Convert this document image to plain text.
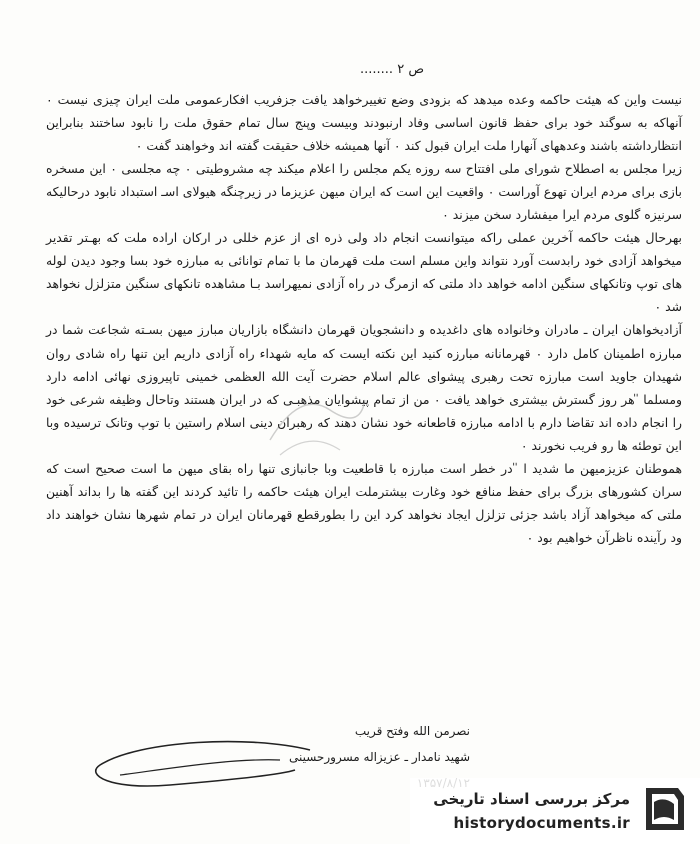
ص ۲ ........

نیست واین که هیئت حاکمه وعده میدهد که بزودی وضع تغییرخواهد یافت جزفریب افکارعمومی ملت ایران چیزی نیست ۰ آنهاکه به سوگند خود برای حفظ قانون اساسی وفاد ارنبودند وبیست وپنج سال تمام حقوق ملت را نابود ساختند بنابراین انتظارداشته باشند وعدههای آنهارا ملت ایران قبول کند ۰ آنها همیشه خلاف حقیقت گفته اند وخواهند گفت ۰

زیرا مجلس به اصطلاح شورای ملی افتتاح سه روزه یکم مجلس را اعلام میکند چه مشروطیتی ۰ چه مجلسی ۰ این مسخره بازی برای مردم ایران تهوع آوراست ۰ واقعیت این است که ایران میهن عزیزما در زیرچنگه هیولای اسـ استبداد نابود درحالیکه سرنیزه گلوی مردم ایرا میفشارد سخن میزند ۰

بهرحال هیئت حاکمه آخرین عملی راکه میتوانست انجام داد ولی ذره ای از عزم خللی در ارکان اراده ملت که بهـتر تقدیر میخواهد آزادی خود رابدست آورد نتواند واین مسلم است ملت قهرمان ما با تمام توانائی به مبارزه خود بسا وجود دیدن لوله های توپ وتانکهای سنگین ادامه خواهد داد ملتی که ازمرگ در راه آزادی نمیهراسد بـا مشاهده تانکهای سنگین متزلزل نخواهد شد ۰

آزادیخواهان ایران ـ مادران وخانواده های داغدیده و دانشجویان قهرمان دانشگاه بازاریان مبارز میهن بسـته شجاعت شما در مبارزه اطمینان کامل دارد ۰ قهرمانانه مبارزه کنید این نکته ایست که مایه شهداء راه آزادی داریم این تنها راه شادی روان شهیدان جاوید است مبارزه تحت رهبری پیشوای عالم اسلام حضرت آیت الله العظمی خمینی تاپیروزی نهائی ادامه دارد ومسلما ̎ هر روز گسترش بیشتری خواهد یافت ۰ من از تمام پیشوایان مذهبـی که در ایران هستند وتاحال وظیفه شرعی خود را انجام داده اند تقاضا دارم با ادامه مبارزه قاطعانه خود نشان دهند که رهبران دینی اسلام راستین با توپ وتانک ترسیده وبا این توطئه ها رو فریب نخورند ۰

هموطنان عزیزمیهن ما شدید ا ̎ در خطر است مبارزه با قاطعیت وبا جانبازی تنها راه بقای میهن ما است صحیح است که سران کشورهای بزرگ برای حفظ منافع خود وغارت بیشترملت ایران هیئت حاکمه را تائید کردند این گفته ها را بداند آهنین ملتی که میخواهد آزاد باشد جزئی تزلزل ایجاد نخواهد کرد این را بطورقطع قهرمانان ایران در تمام شهرها نشان خواهند داد ود رآینده ناظرآن خواهیم بود ۰

نصرمن الله وفتح قریب
شهید نامدار ـ عزیزاله مسرورحسینی
مرکز بررسی اسناد تاریخی
historydocuments.ir
